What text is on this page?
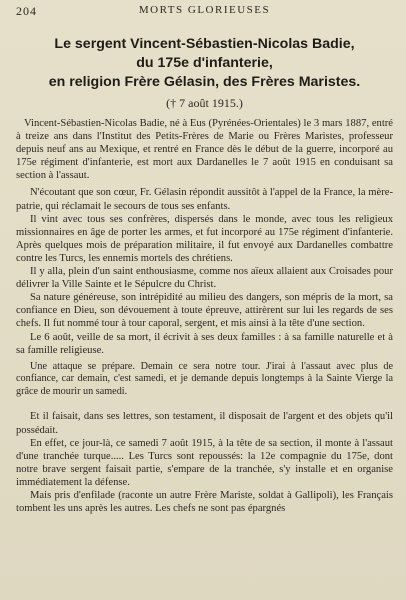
204	MORTS GLORIEUSES
Le sergent Vincent-Sébastien-Nicolas Badie,
du 175e d'infanterie,
en religion Frère Gélasin, des Frères Maristes.
(† 7 août 1915.)

Vincent-Sébastien-Nicolas Badie, né à Eus (Pyrénées-Orientales) le 3 mars 1887, entré à treize ans dans l'Institut des Petits-Frères de Marie ou Frères Maristes, professeur depuis neuf ans au Mexique, et rentré en France dès le début de la guerre, incorporé au 175e régiment d'infanterie, est mort aux Dardanelles le 7 août 1915 en conduisant sa section à l'assaut.

N'écoutant que son cœur, Fr. Gélasin répondit aussitôt à l'appel de la France, la mère-patrie, qui réclamait le secours de tous ses enfants.

Il vint avec tous ses confrères, dispersés dans le monde, avec tous les religieux missionnaires en âge de porter les armes, et fut incorporé au 175e régiment d'infanterie. Après quelques mois de préparation militaire, il fut envoyé aux Dardanelles combattre contre les Turcs, les ennemis mortels des chrétiens.

Il y alla, plein d'un saint enthousiasme, comme nos aïeux allaient aux Croisades pour délivrer la Ville Sainte et le Sépulcre du Christ.

Sa nature généreuse, son intrépidité au milieu des dangers, son mépris de la mort, sa confiance en Dieu, son dévouement à toute épreuve, attirèrent sur lui les regards de ses chefs. Il fut nommé tour à tour caporal, sergent, et mis ainsi à la tête d'une section.

Le 6 août, veille de sa mort, il écrivit à ses deux familles : à sa famille naturelle et à sa famille religieuse.

Une attaque se prépare. Demain ce sera notre tour. J'irai à l'assaut avec plus de confiance, car demain, c'est samedi, et je demande depuis longtemps à la Sainte Vierge la grâce de mourir un samedi.

Et il faisait, dans ses lettres, son testament, il disposait de l'argent et des objets qu'il possédait.

En effet, ce jour-là, ce samedi 7 août 1915, à la tête de sa section, il monte à l'assaut d'une tranchée turque..... Les Turcs sont repoussés: la 12e compagnie du 175e, dont notre brave sergent faisait partie, s'empare de la tranchée, s'y installe et en organise immédiatement la défense.

Mais pris d'enfilade (raconte un autre Frère Mariste, soldat à Gallipoli), les Français tombent les uns après les autres. Les chefs ne sont pas épargnés
